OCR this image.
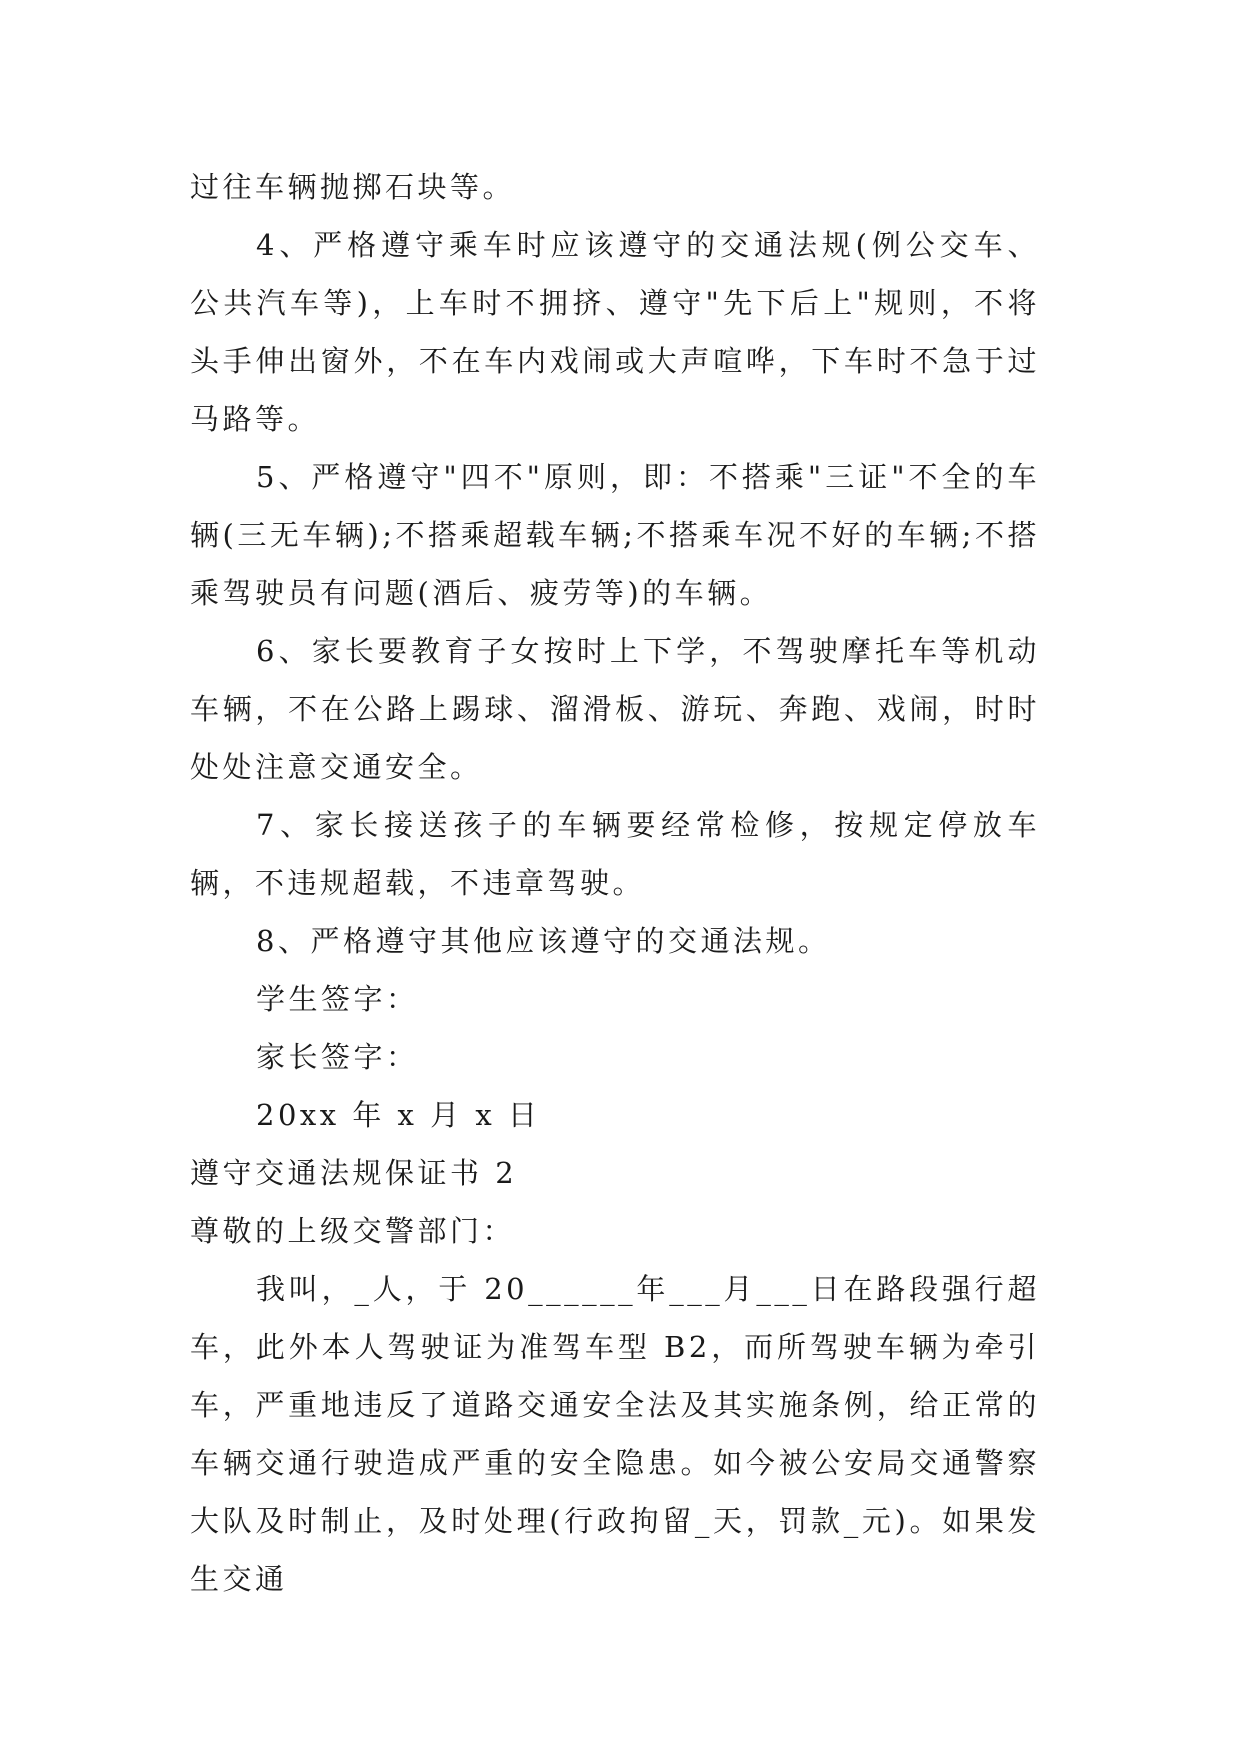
过往车辆抛掷石块等。

4、严格遵守乘车时应该遵守的交通法规(例公交车、公共汽车等)，上车时不拥挤、遵守"先下后上"规则，不将头手伸出窗外，不在车内戏闹或大声喧哗，下车时不急于过马路等。

5、严格遵守"四不"原则，即：不搭乘"三证"不全的车辆(三无车辆);不搭乘超载车辆;不搭乘车况不好的车辆;不搭乘驾驶员有问题(酒后、疲劳等)的车辆。

6、家长要教育子女按时上下学，不驾驶摩托车等机动车辆，不在公路上踢球、溜滑板、游玩、奔跑、戏闹，时时处处注意交通安全。

7、家长接送孩子的车辆要经常检修，按规定停放车辆，不违规超载，不违章驾驶。

8、严格遵守其他应该遵守的交通法规。

学生签字：

家长签字：

20xx 年 x 月 x 日

遵守交通法规保证书 2

尊敬的上级交警部门：

我叫，_人，于 20______年___月___日在路段强行超车，此外本人驾驶证为准驾车型 B2，而所驾驶车辆为牵引车，严重地违反了道路交通安全法及其实施条例，给正常的车辆交通行驶造成严重的安全隐患。如今被公安局交通警察大队及时制止，及时处理(行政拘留_天，罚款_元)。如果发生交通
